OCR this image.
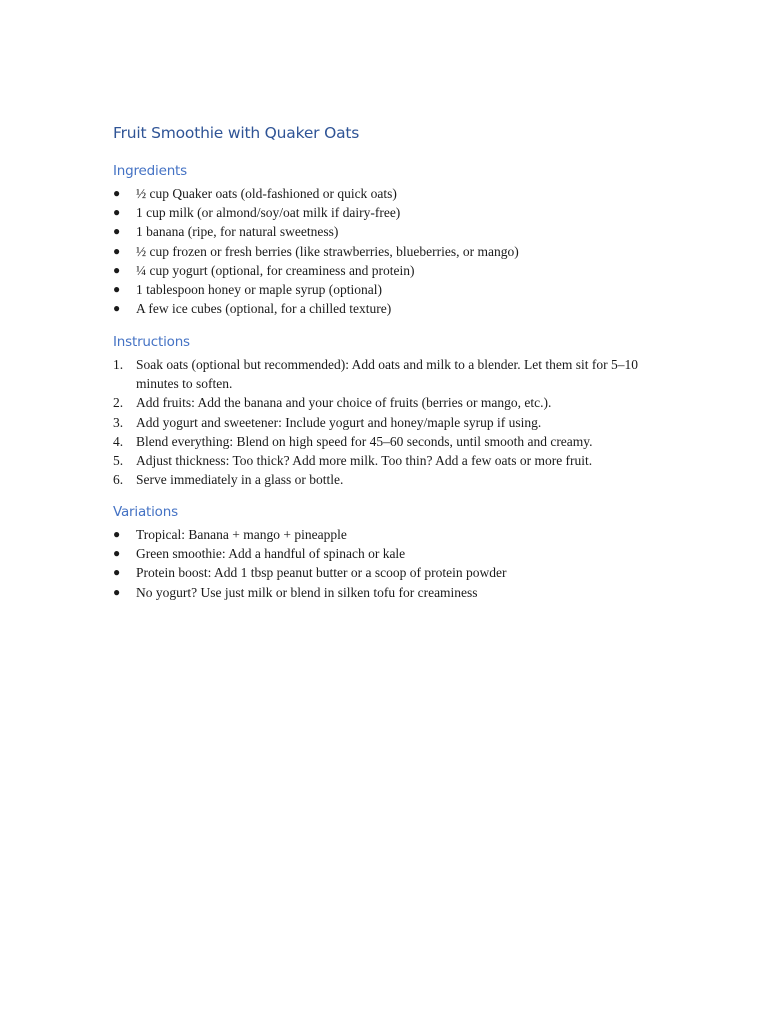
Fruit Smoothie with Quaker Oats
Ingredients
●	½ cup Quaker oats (old-fashioned or quick oats)
●	1 cup milk (or almond/soy/oat milk if dairy-free)
●	1 banana (ripe, for natural sweetness)
●	½ cup frozen or fresh berries (like strawberries, blueberries, or mango)
●	¼ cup yogurt (optional, for creaminess and protein)
●	1 tablespoon honey or maple syrup (optional)
●	A few ice cubes (optional, for a chilled texture)
Instructions
1. Soak oats (optional but recommended): Add oats and milk to a blender. Let them sit for 5–10 minutes to soften.
2. Add fruits: Add the banana and your choice of fruits (berries or mango, etc.).
3. Add yogurt and sweetener: Include yogurt and honey/maple syrup if using.
4. Blend everything: Blend on high speed for 45–60 seconds, until smooth and creamy.
5. Adjust thickness: Too thick? Add more milk. Too thin? Add a few oats or more fruit.
6. Serve immediately in a glass or bottle.
Variations
●	Tropical: Banana + mango + pineapple
●	Green smoothie: Add a handful of spinach or kale
●	Protein boost: Add 1 tbsp peanut butter or a scoop of protein powder
●	No yogurt? Use just milk or blend in silken tofu for creaminess
